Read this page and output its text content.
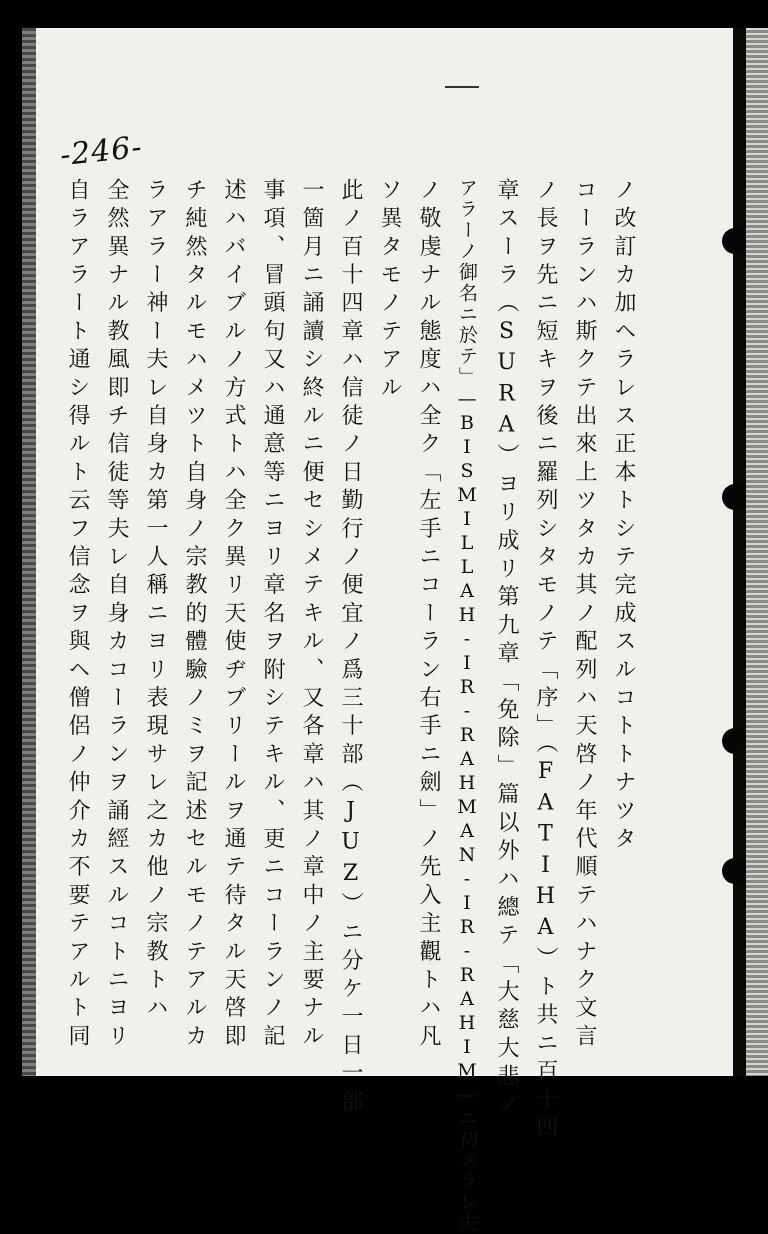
-246-
ノ改訂カ加ヘラレス正本トシテ完成スルコトトナツタ
コーランハ斯クテ出來上ツタカ其ノ配列ハ天啓ノ年代順テハナク文言
ノ長ヲ先ニ短キヲ後ニ羅列シタモノテ「序」（FATIHA）ト共ニ百十四
章スーラ（SURA）ヨリ成リ第九章「免除」篇以外ハ總テ「大慈大悲ノ
アラーノ御名ニ於テ」—BISMILLAH-IR-RAHMAN-IR-RAHIM—ニ初メラレ夫
ノ敬虔ナル態度ハ全ク「左手ニコーラン右手ニ劍」ノ先入主觀トハ凡
ソ異タモノテアル
此ノ百十四章ハ信徒ノ日勤行ノ便宜ノ爲三十部（JUZ）ニ分ケ一日一部
一箇月ニ誦讀シ終ルニ便セシメテキル、又各章ハ其ノ章中ノ主要ナル
事項、冒頭句又ハ通意等ニヨリ章名ヲ附シテキル、更ニコーランノ記
述ハバイブルノ方式トハ全ク異リ天使ヂブリールヲ通テ待タル天啓即
チ純然タルモハメツト自身ノ宗教的體驗ノミヲ記述セルモノテアルカ
ラアラー神ー夫レ自身カ第一人稱ニヨリ表現サレ之カ他ノ宗教トハ
全然異ナル教風即チ信徒等夫レ自身カコーランヲ誦經スルコトニヨリ
自ラアラート通シ得ルト云フ信念ヲ與ヘ僧侶ノ仲介カ不要テアルト同
